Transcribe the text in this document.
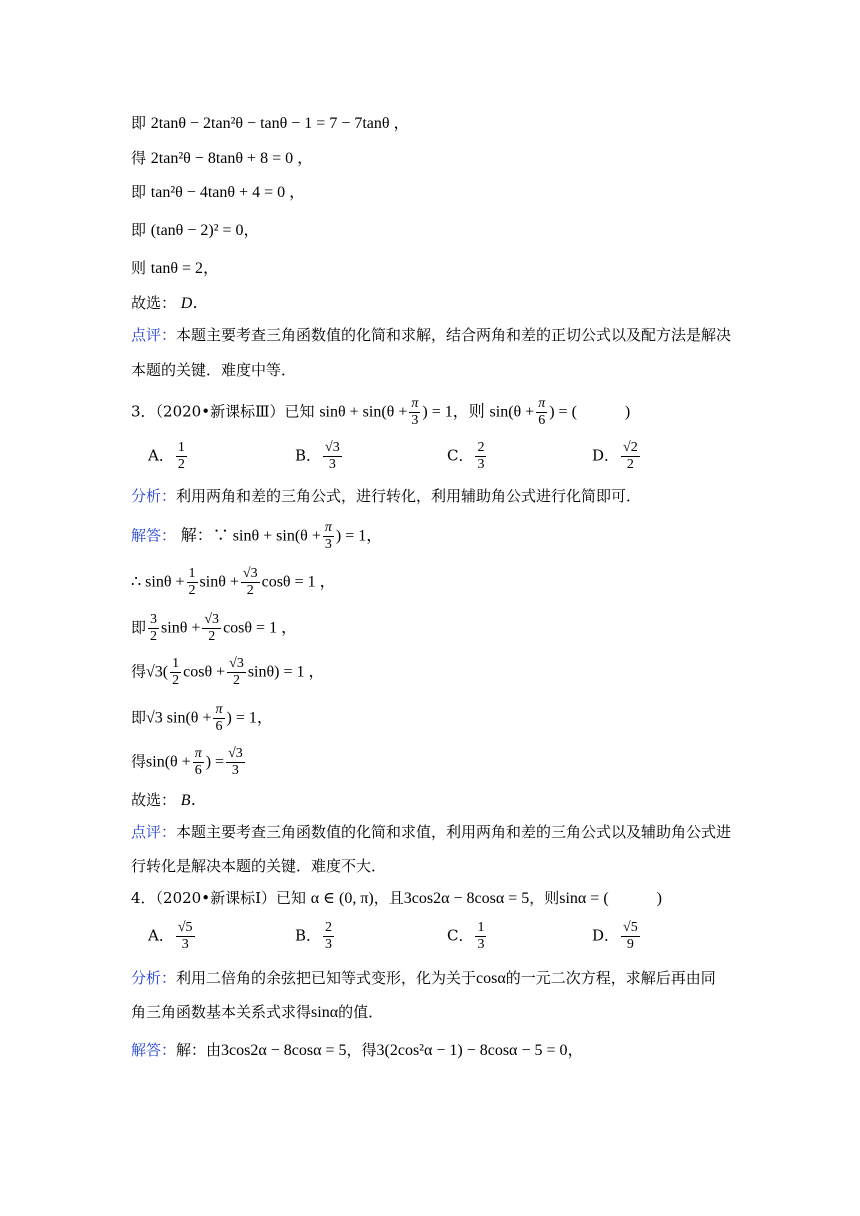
即 2tanθ − 2tan²θ − tanθ − 1 = 7 − 7tanθ ，
得 2tan²θ − 8tanθ + 8 = 0 ，
即 tan²θ − 4tanθ + 4 = 0 ，
即 (tanθ − 2)² = 0，
则 tanθ = 2，
故选： D．
点评：本题主要考查三角函数值的化简和求解，结合两角和差的正切公式以及配方法是解决
本题的关键．难度中等．
3．（2020•新课标Ⅲ）已知 $\sin\theta + \sin(\theta + \frac{\pi}{3}$ ) = 1，则 $\sin(\theta + \frac{\pi}{6}$ ) = (　　　)
A． $\frac{1}{2}$	B． $\frac{√3}{3}$	C． $\frac{2}{3}$	D． $\frac{√2}{2}$
分析：利用两角和差的三角公式，进行转化，利用辅助角公式进行化简即可．
解答： 解：∵ $\sin\theta + \sin(\theta + \frac{\pi}{3}$ ) = 1，
∴ $\sin\theta + \frac{1}{2}$ $\sin\theta + \frac{√3}{2}$ cosθ = 1 ，
即 $\frac{3}{2}$ $\sin\theta + \frac{√3}{2}$ cosθ = 1 ，
得$√3( \frac{1}{2}$ $\cos\theta + \frac{√3}{2} \sin\theta) = 1$ ，
即√3 $\sin(\theta + \frac{\pi}{6}$ ) = 1，
得$\sin(\theta + \frac{\pi}{6}$ ) = $\frac{√3}{3}$
故选： B．
点评：本题主要考查三角函数值的化简和求值，利用两角和差的三角公式以及辅助角公式进
行转化是解决本题的关键．难度不大．
4．（2020•新课标Ⅰ）已知 α ∈ (0, π)，且3cos2α − 8cosα = 5，则sinα = (　　　)
A． $\frac{√5}{3}$	B． $\frac{2}{3}$	C． $\frac{1}{3}$	D． $\frac{√5}{9}$
分析：利用二倍角的余弦把已知等式变形，化为关于cosα的一元二次方程，求解后再由同
角三角函数基本关系式求得sinα的值．
解答：解：由3cos2α − 8cosα = 5，得3(2cos²α − 1) − 8cosα − 5 = 0，
